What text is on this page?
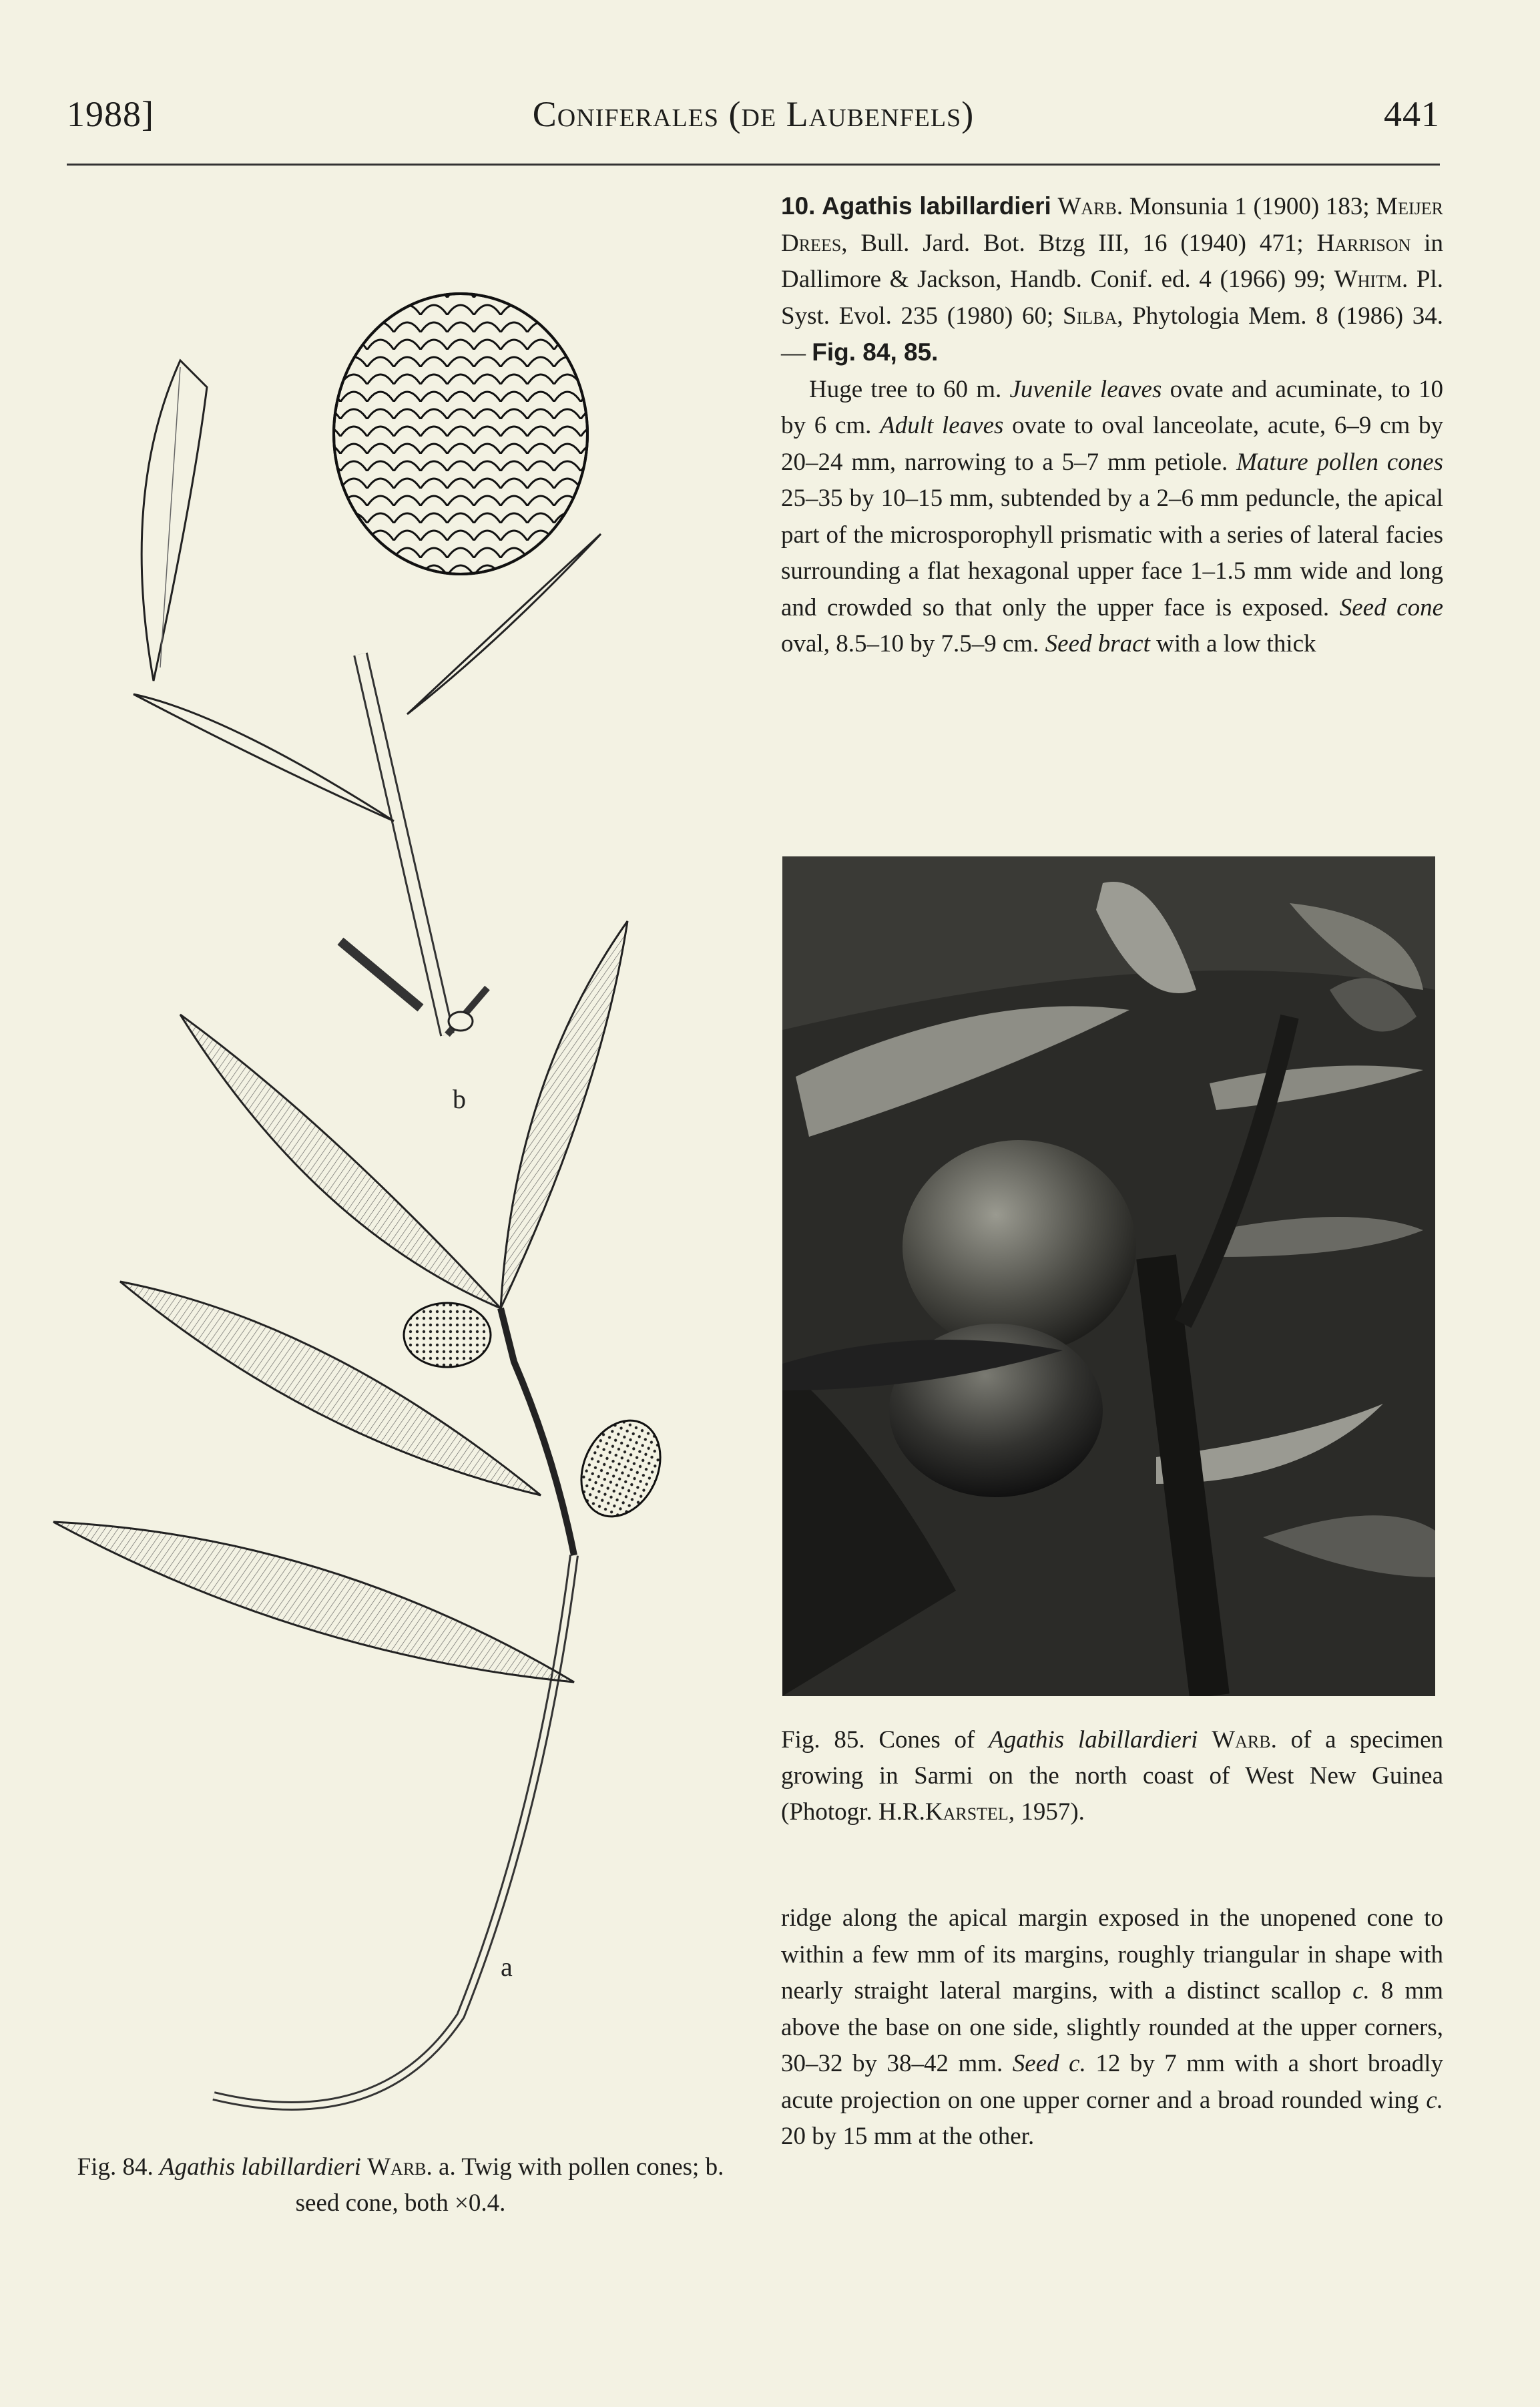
1988]	Coniferales (de Laubenfels)	441
b
a

10. Agathis labillardieri Warb. Monsunia 1 (1900) 183; Meijer Drees, Bull. Jard. Bot. Btzg III, 16 (1940) 471; Harrison in Dallimore & Jackson, Handb. Conif. ed. 4 (1966) 99; Whitm. Pl. Syst. Evol. 235 (1980) 60; Silba, Phytologia Mem. 8 (1986) 34. — Fig. 84, 85.

Huge tree to 60 m. Juvenile leaves ovate and acuminate, to 10 by 6 cm. Adult leaves ovate to oval lanceolate, acute, 6–9 cm by 20–24 mm, narrowing to a 5–7 mm petiole. Mature pollen cones 25–35 by 10–15 mm, subtended by a 2–6 mm peduncle, the apical part of the microsporophyll prismatic with a series of lateral facies surrounding a flat hexagonal upper face 1–1.5 mm wide and long and crowded so that only the upper face is exposed. Seed cone oval, 8.5–10 by 7.5–9 cm. Seed bract with a low thick

Fig. 85. Cones of Agathis labillardieri Warb. of a specimen growing in Sarmi on the north coast of West New Guinea (Photogr. H.R.Karstel, 1957).

ridge along the apical margin exposed in the unopened cone to within a few mm of its margins, roughly triangular in shape with nearly straight lateral margins, with a distinct scallop c. 8 mm above the base on one side, slightly rounded at the upper corners, 30–32 by 38–42 mm. Seed c. 12 by 7 mm with a short broadly acute projection on one upper corner and a broad rounded wing c. 20 by 15 mm at the other.

Fig. 84. Agathis labillardieri Warb. a. Twig with pollen cones; b. seed cone, both ×0.4.
